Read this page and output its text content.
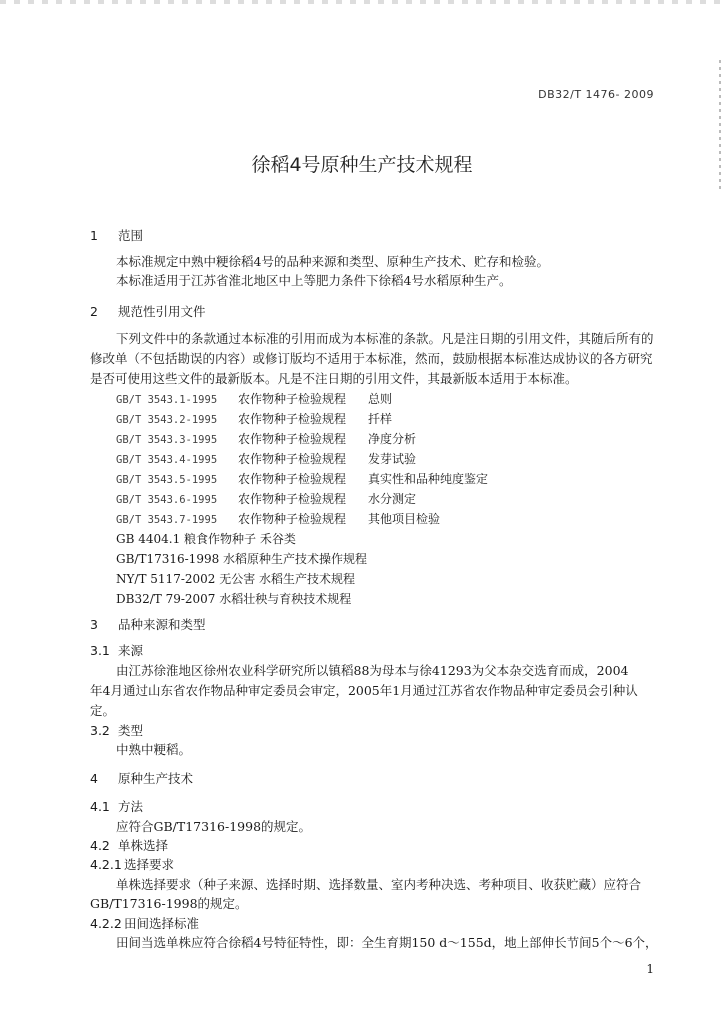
DB32/T 1476- 2009
徐稻4号原种生产技术规程
1 范围
本标准规定中熟中粳徐稻4号的品种来源和类型、原种生产技术、贮存和检验。
本标准适用于江苏省淮北地区中上等肥力条件下徐稻4号水稻原种生产。
2 规范性引用文件
下列文件中的条款通过本标准的引用而成为本标准的条款。凡是注日期的引用文件，其随后所有的
修改单（不包括勘误的内容）或修订版均不适用于本标准，然而，鼓励根据本标准达成协议的各方研究
是否可使用这些文件的最新版本。凡是不注日期的引用文件，其最新版本适用于本标准。
GB/T 3543.1-1995 农作物种子检验规程 总则
GB/T 3543.2-1995 农作物种子检验规程 扦样
GB/T 3543.3-1995 农作物种子检验规程 净度分析
GB/T 3543.4-1995 农作物种子检验规程 发芽试验
GB/T 3543.5-1995 农作物种子检验规程 真实性和品种纯度鉴定
GB/T 3543.6-1995 农作物种子检验规程 水分测定
GB/T 3543.7-1995 农作物种子检验规程 其他项目检验
GB 4404.1 粮食作物种子 禾谷类
GB/T17316-1998 水稻原种生产技术操作规程
NY/T 5117-2002 无公害 水稻生产技术规程
DB32/T 79-2007 水稻壮秧与育秧技术规程
3 品种来源和类型
3.1 来源
由江苏徐淮地区徐州农业科学研究所以镇稻88为母本与徐41293为父本杂交选育而成，2004
年4月通过山东省农作物品种审定委员会审定，2005年1月通过江苏省农作物品种审定委员会引种认
定。
3.2 类型
中熟中粳稻。
4 原种生产技术
4.1 方法
应符合GB/T17316-1998的规定。
4.2 单株选择
4.2.1 选择要求
单株选择要求（种子来源、选择时期、选择数量、室内考种决选、考种项目、收获贮藏）应符合
GB/T17316-1998的规定。
4.2.2 田间选择标准
田间当选单株应符合徐稻4号特征特性，即：全生育期150 d～155d，地上部伸长节间5个～6个，
1
